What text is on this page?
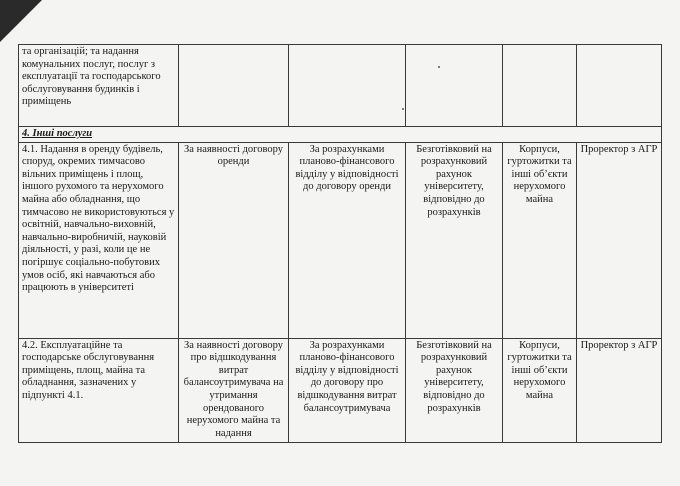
та організацій; та надання комунальних послуг, послуг з експлуатації та господарського обслуговування будинків і приміщень					
4. Інші послуги					
4.1. Надання в оренду будівель, споруд, окремих тимчасово вільних приміщень і площ, іншого рухомого та нерухомого майна або обладнання, що тимчасово не використовуються у освітній, навчально-виховній, навчально-виробничій, науковій діяльності, у разі, коли це не погіршує соціально-побутових умов осіб, які навчаються або працюють в університеті	За наявності договору оренди	За розрахунками планово-фінансового відділу у відповідності до договору оренди	Безготівковий на розрахунковий рахунок університету, відповідно до розрахунків	Корпуси, гуртожитки та інші об’єкти нерухомого майна	Проректор з АГР
4.2. Експлуатаційне та господарське обслуговування приміщень, площ, майна та обладнання, зазначених у підпункті 4.1.	За наявності договору про відшкодування витрат балансоутримувача на утримання орендованого нерухомого майна та надання	За розрахунками планово-фінансового відділу у відповідності до договору про відшкодування витрат балансоутримувача	Безготівковий на розрахунковий рахунок університету, відповідно до розрахунків	Корпуси, гуртожитки та інші об’єкти нерухомого майна	Проректор з АГР
